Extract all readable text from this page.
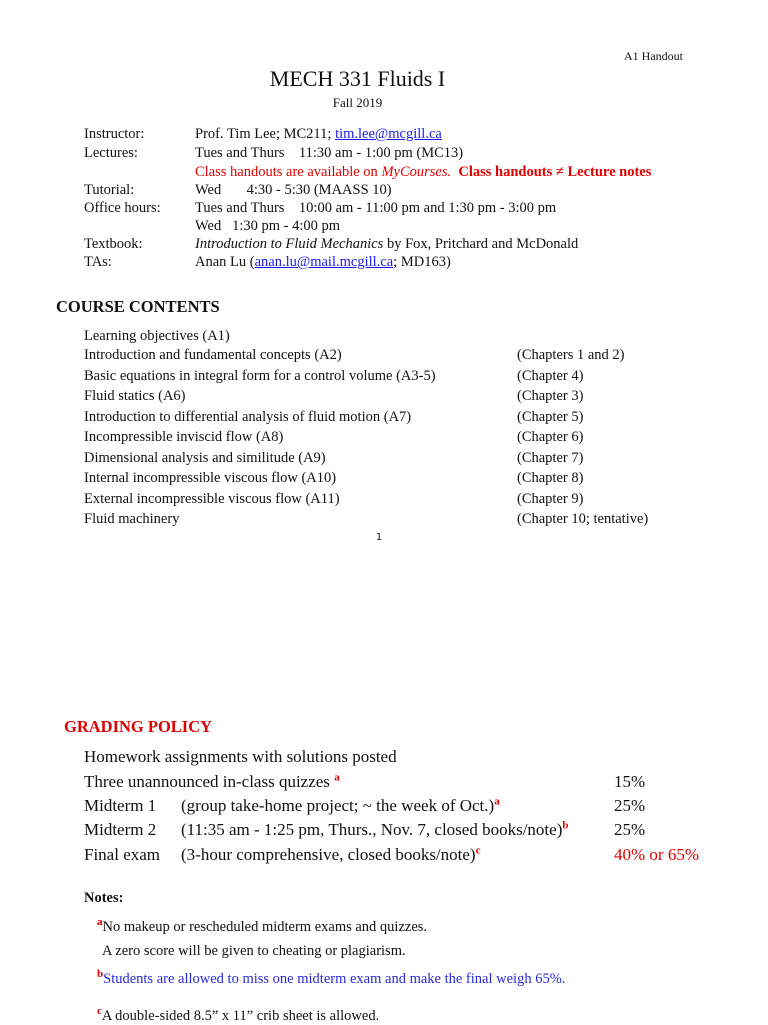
A1 Handout
MECH 331 Fluids I
Fall 2019
Instructor:	Prof. Tim Lee; MC211; tim.lee@mcgill.ca
Lectures:	Tues and Thurs    11:30 am - 1:00 pm (MC13)
Class handouts are available on MyCourses. Class handouts ≠ Lecture notes
Tutorial:	Wed       4:30 - 5:30 (MAASS 10)
Office hours: Tues and Thurs    10:00 am - 11:00 pm and 1:30 pm - 3:00 pm
Wed   1:30 pm - 4:00 pm
Textbook:	Introduction to Fluid Mechanics by Fox, Pritchard and McDonald
TAs:	Anan Lu (anan.lu@mail.mcgill.ca; MD163)
COURSE CONTENTS
Learning objectives (A1)
Introduction and fundamental concepts (A2)	(Chapters 1 and 2)
Basic equations in integral form for a control volume (A3-5)	(Chapter 4)
Fluid statics (A6)	(Chapter 3)
Introduction to differential analysis of fluid motion (A7)	(Chapter 5)
Incompressible inviscid flow (A8)	(Chapter 6)
Dimensional analysis and similitude (A9)	(Chapter 7)
Internal incompressible viscous flow (A10)	(Chapter 8)
External incompressible viscous flow (A11)	(Chapter 9)
Fluid machinery	(Chapter 10; tentative)
1
GRADING POLICY
Homework assignments with solutions posted
Three unannounced in-class quizzes $^a$	15%
Midterm 1 (group take-home project; ~ the week of Oct.)$^a$	25%
Midterm 2 (11:35 am - 1:25 pm, Thurs., Nov. 7, closed books/note)$^b$	25%
Final exam (3-hour comprehensive, closed books/note)$^c$	40% or 65%
Notes:
$^a$No makeup or rescheduled midterm exams and quizzes.
A zero score will be given to cheating or plagiarism.
$^b$Students are allowed to miss one midterm exam and make the final weigh 65%.
$^c$A double-sided 8.5” x 11” crib sheet is allowed.
